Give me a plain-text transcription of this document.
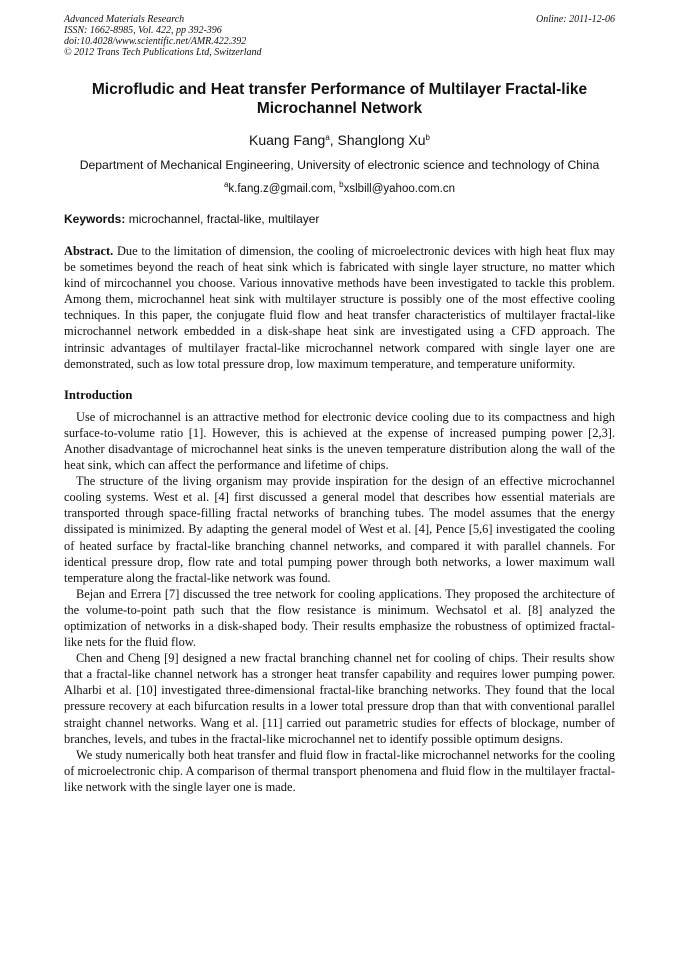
Advanced Materials Research
ISSN: 1662-8985, Vol. 422, pp 392-396
doi:10.4028/www.scientific.net/AMR.422.392
© 2012 Trans Tech Publications Ltd, Switzerland
Online: 2011-12-06
Microfludic and Heat transfer Performance of Multilayer Fractal-like Microchannel Network
Kuang Fang$^a$, Shanglong Xu$^b$
Department of Mechanical Engineering, University of electronic science and technology of China
$^a$k.fang.z@gmail.com, $^b$xslbill@yahoo.com.cn
Keywords: microchannel, fractal-like, multilayer
Abstract. Due to the limitation of dimension, the cooling of microelectronic devices with high heat flux may be sometimes beyond the reach of heat sink which is fabricated with single layer structure, no matter which kind of mircochannel you choose. Various innovative methods have been investigated to tackle this problem. Among them, microchannel heat sink with multilayer structure is possibly one of the most effective cooling techniques. In this paper, the conjugate fluid flow and heat transfer characteristics of multilayer fractal-like microchannel network embedded in a disk-shape heat sink are investigated using a CFD approach. The intrinsic advantages of multilayer fractal-like microchannel network compared with single layer one are demonstrated, such as low total pressure drop, low maximum temperature, and temperature uniformity.
Introduction
Use of microchannel is an attractive method for electronic device cooling due to its compactness and high surface-to-volume ratio [1]. However, this is achieved at the expense of increased pumping power [2,3]. Another disadvantage of microchannel heat sinks is the uneven temperature distribution along the wall of the heat sink, which can affect the performance and lifetime of chips.
The structure of the living organism may provide inspiration for the design of an effective microchannel cooling systems. West et al. [4] first discussed a general model that describes how essential materials are transported through space-filling fractal networks of branching tubes. The model assumes that the energy dissipated is minimized. By adapting the general model of West et al. [4], Pence [5,6] investigated the cooling of heated surface by fractal-like branching channel networks, and compared it with parallel channels. For identical pressure drop, flow rate and total pumping power through both networks, a lower maximum wall temperature along the fractal-like network was found.
Bejan and Errera [7] discussed the tree network for cooling applications. They proposed the architecture of the volume-to-point path such that the flow resistance is minimum. Wechsatol et al. [8] analyzed the optimization of networks in a disk-shaped body. Their results emphasize the robustness of optimized fractal-like nets for the fluid flow.
Chen and Cheng [9] designed a new fractal branching channel net for cooling of chips. Their results show that a fractal-like channel network has a stronger heat transfer capability and requires lower pumping power. Alharbi et al. [10] investigated three-dimensional fractal-like branching networks. They found that the local pressure recovery at each bifurcation results in a lower total pressure drop than that with conventional parallel straight channel networks. Wang et al. [11] carried out parametric studies for effects of blockage, number of branches, levels, and tubes in the fractal-like microchannel net to identify possible optimum designs.
We study numerically both heat transfer and fluid flow in fractal-like microchannel networks for the cooling of microelectronic chip. A comparison of thermal transport phenomena and fluid flow in the multilayer fractal-like network with the single layer one is made.
